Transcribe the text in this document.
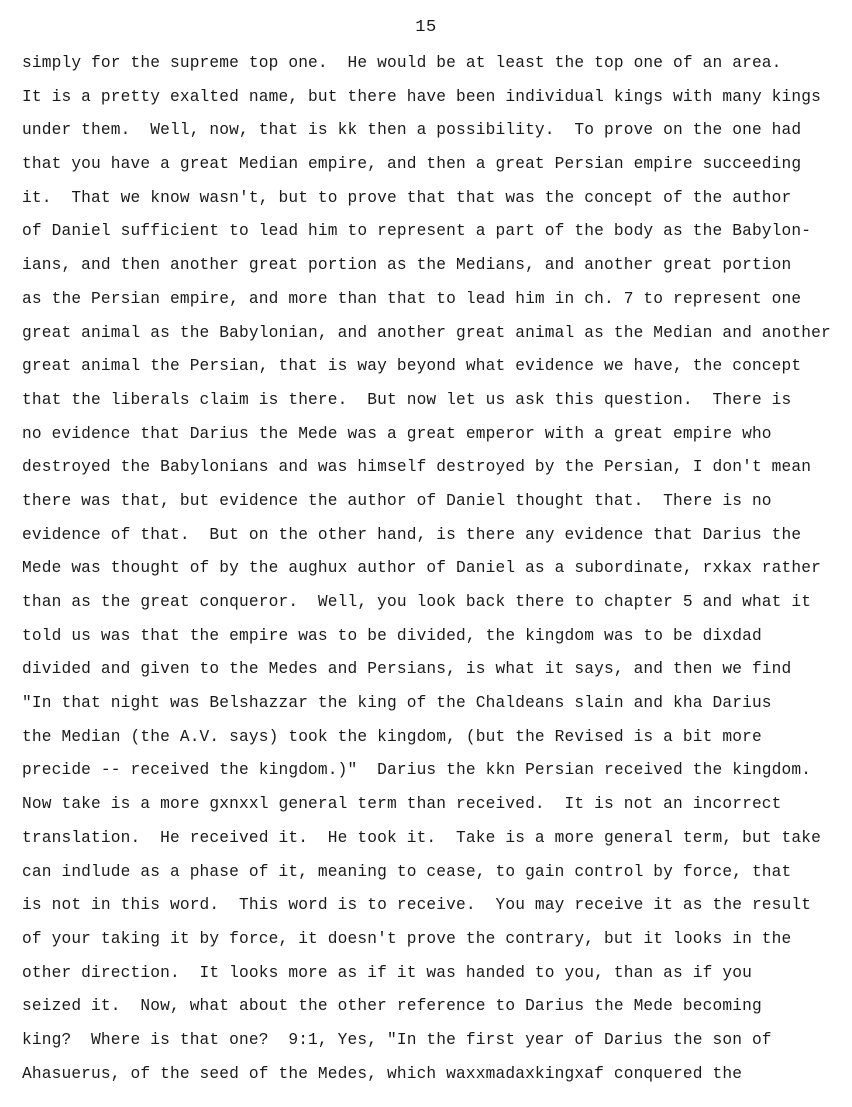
15
simply for the supreme top one.  He would be at least the top one of an area.
It is a pretty exalted name, but there have been individual kings with many kings
under them.  Well, now, that is kk then a possibility.  To prove on the one had
that you have a great Median empire, and then a great Persian empire succeeding
it.  That we know wasn't, but to prove that that was the concept of the author
of Daniel sufficient to lead him to represent a part of the body as the Babylon-
ians, and then another great portion as the Medians, and another great portion
as the Persian empire, and more than that to lead him in ch. 7 to represent one
great animal as the Babylonian, and another great animal as the Median and another
great animal the Persian, that is way beyond what evidence we have, the concept
that the liberals claim is there.  But now let us ask this question.  There is
no evidence that Darius the Mede was a great emperor with a great empire who
destroyed the Babylonians and was himself destroyed by the Persian, I don't mean
there was that, but evidence the author of Daniel thought that.  There is no
evidence of that.  But on the other hand, is there any evidence that Darius the
Mede was thought of by the aughux author of Daniel as a subordinate, rxkax rather
than as the great conqueror.  Well, you look back there to chapter 5 and what it
told us was that the empire was to be divided, the kingdom was to be dixdad
divided and given to the Medes and Persians, is what it says, and then we find
"In that night was Belshazzar the king of the Chaldeans slain and kha Darius
the Median (the A.V. says) took the kingdom, (but the Revised is a bit more
precide -- received the kingdom.)"  Darius the kkn Persian received the kingdom.
Now take is a more gxnxxl general term than received.  It is not an incorrect
translation.  He received it.  He took it.  Take is a more general term, but take
can indlude as a phase of it, meaning to cease, to gain control by force, that
is not in this word.  This word is to receive.  You may receive it as the result
of your taking it by force, it doesn't prove the contrary, but it looks in the
other direction.  It looks more as if it was handed to you, than as if you
seized it.  Now, what about the other reference to Darius the Mede becoming
king?  Where is that one?  9:1, Yes, "In the first year of Darius the son of
Ahasuerus, of the seed of the Medes, which waxxmadaxkingxaf conquered the
